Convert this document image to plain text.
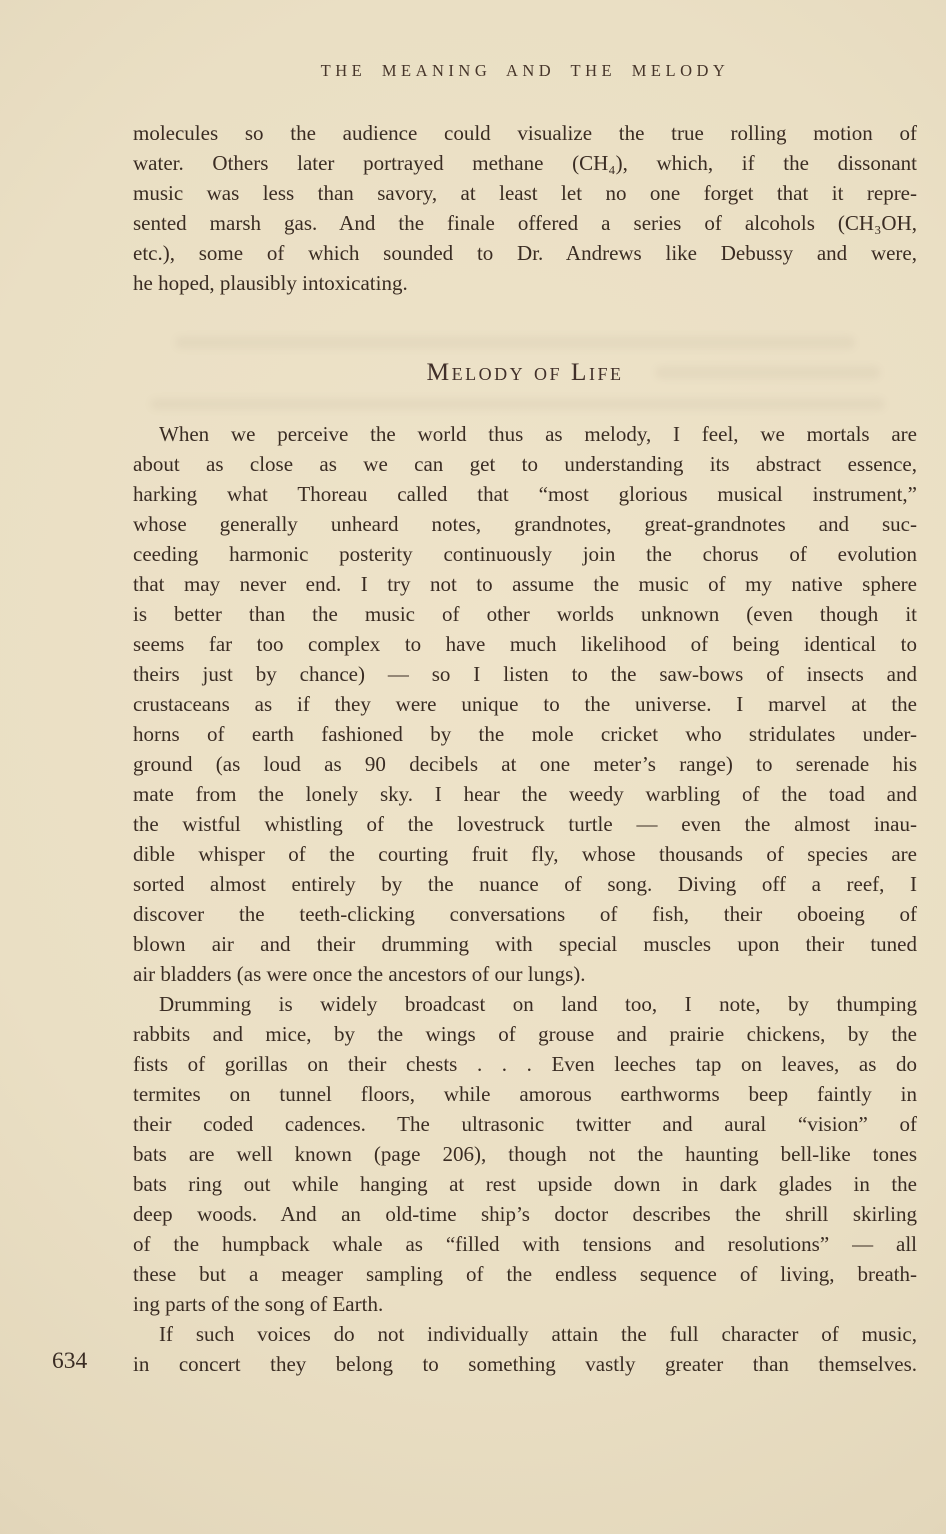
THE MEANING AND THE MELODY
molecules so the audience could visualize the true rolling motion of
water. Others later portrayed methane (CH₄), which, if the dissonant
music was less than savory, at least let no one forget that it repre-
sented marsh gas. And the finale offered a series of alcohols (CH₃OH,
etc.), some of which sounded to Dr. Andrews like Debussy and were,
he hoped, plausibly intoxicating.
Melody of Life
When we perceive the world thus as melody, I feel, we mortals are
about as close as we can get to understanding its abstract essence,
harking what Thoreau called that “most glorious musical instrument,”
whose generally unheard notes, grandnotes, great-grandnotes and suc-
ceeding harmonic posterity continuously join the chorus of evolution
that may never end. I try not to assume the music of my native sphere
is better than the music of other worlds unknown (even though it
seems far too complex to have much likelihood of being identical to
theirs just by chance) — so I listen to the saw-bows of insects and
crustaceans as if they were unique to the universe. I marvel at the
horns of earth fashioned by the mole cricket who stridulates under-
ground (as loud as 90 decibels at one meter’s range) to serenade his
mate from the lonely sky. I hear the weedy warbling of the toad and
the wistful whistling of the lovestruck turtle — even the almost inau-
dible whisper of the courting fruit fly, whose thousands of species are
sorted almost entirely by the nuance of song. Diving off a reef, I
discover the teeth-clicking conversations of fish, their oboeing of
blown air and their drumming with special muscles upon their tuned
air bladders (as were once the ancestors of our lungs).
Drumming is widely broadcast on land too, I note, by thumping
rabbits and mice, by the wings of grouse and prairie chickens, by the
fists of gorillas on their chests . . . Even leeches tap on leaves, as do
termites on tunnel floors, while amorous earthworms beep faintly in
their coded cadences. The ultrasonic twitter and aural “vision” of
bats are well known (page 206), though not the haunting bell-like tones
bats ring out while hanging at rest upside down in dark glades in the
deep woods. And an old-time ship’s doctor describes the shrill skirling
of the humpback whale as “filled with tensions and resolutions” — all
these but a meager sampling of the endless sequence of living, breath-
ing parts of the song of Earth.
If such voices do not individually attain the full character of music,
in concert they belong to something vastly greater than themselves.
634
